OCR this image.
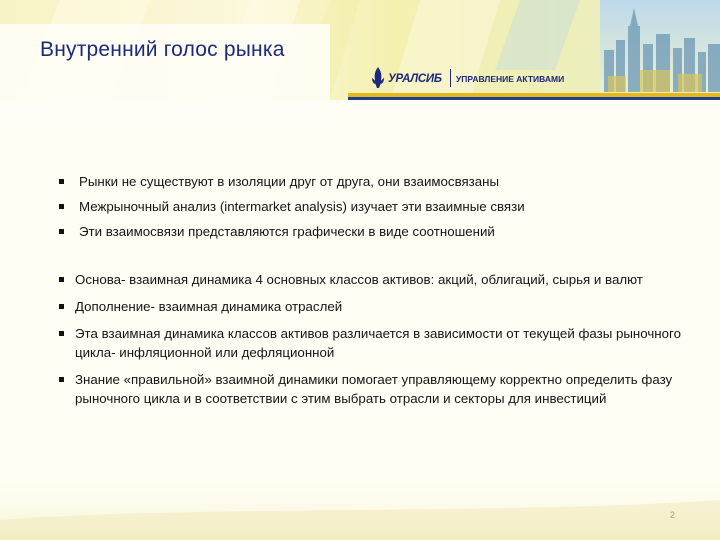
Внутренний голос рынка
УРАЛСИБ УПРАВЛЕНИЕ АКТИВАМИ
Рынки не существуют в изоляции друг от друга, они взаимосвязаны
Межрыночный анализ (intermarket analysis) изучает эти взаимные связи
Эти взаимосвязи представляются графически в виде соотношений
Основа- взаимная динамика 4 основных классов активов: акций, облигаций, сырья и валют
Дополнение- взаимная динамика отраслей
Эта взаимная динамика классов активов различается в зависимости от текущей фазы рыночного цикла- инфляционной или дефляционной
Знание «правильной» взаимной динамики помогает управляющему корректно определить фазу рыночного цикла и в соответствии с этим выбрать отрасли и секторы для инвестиций
2
